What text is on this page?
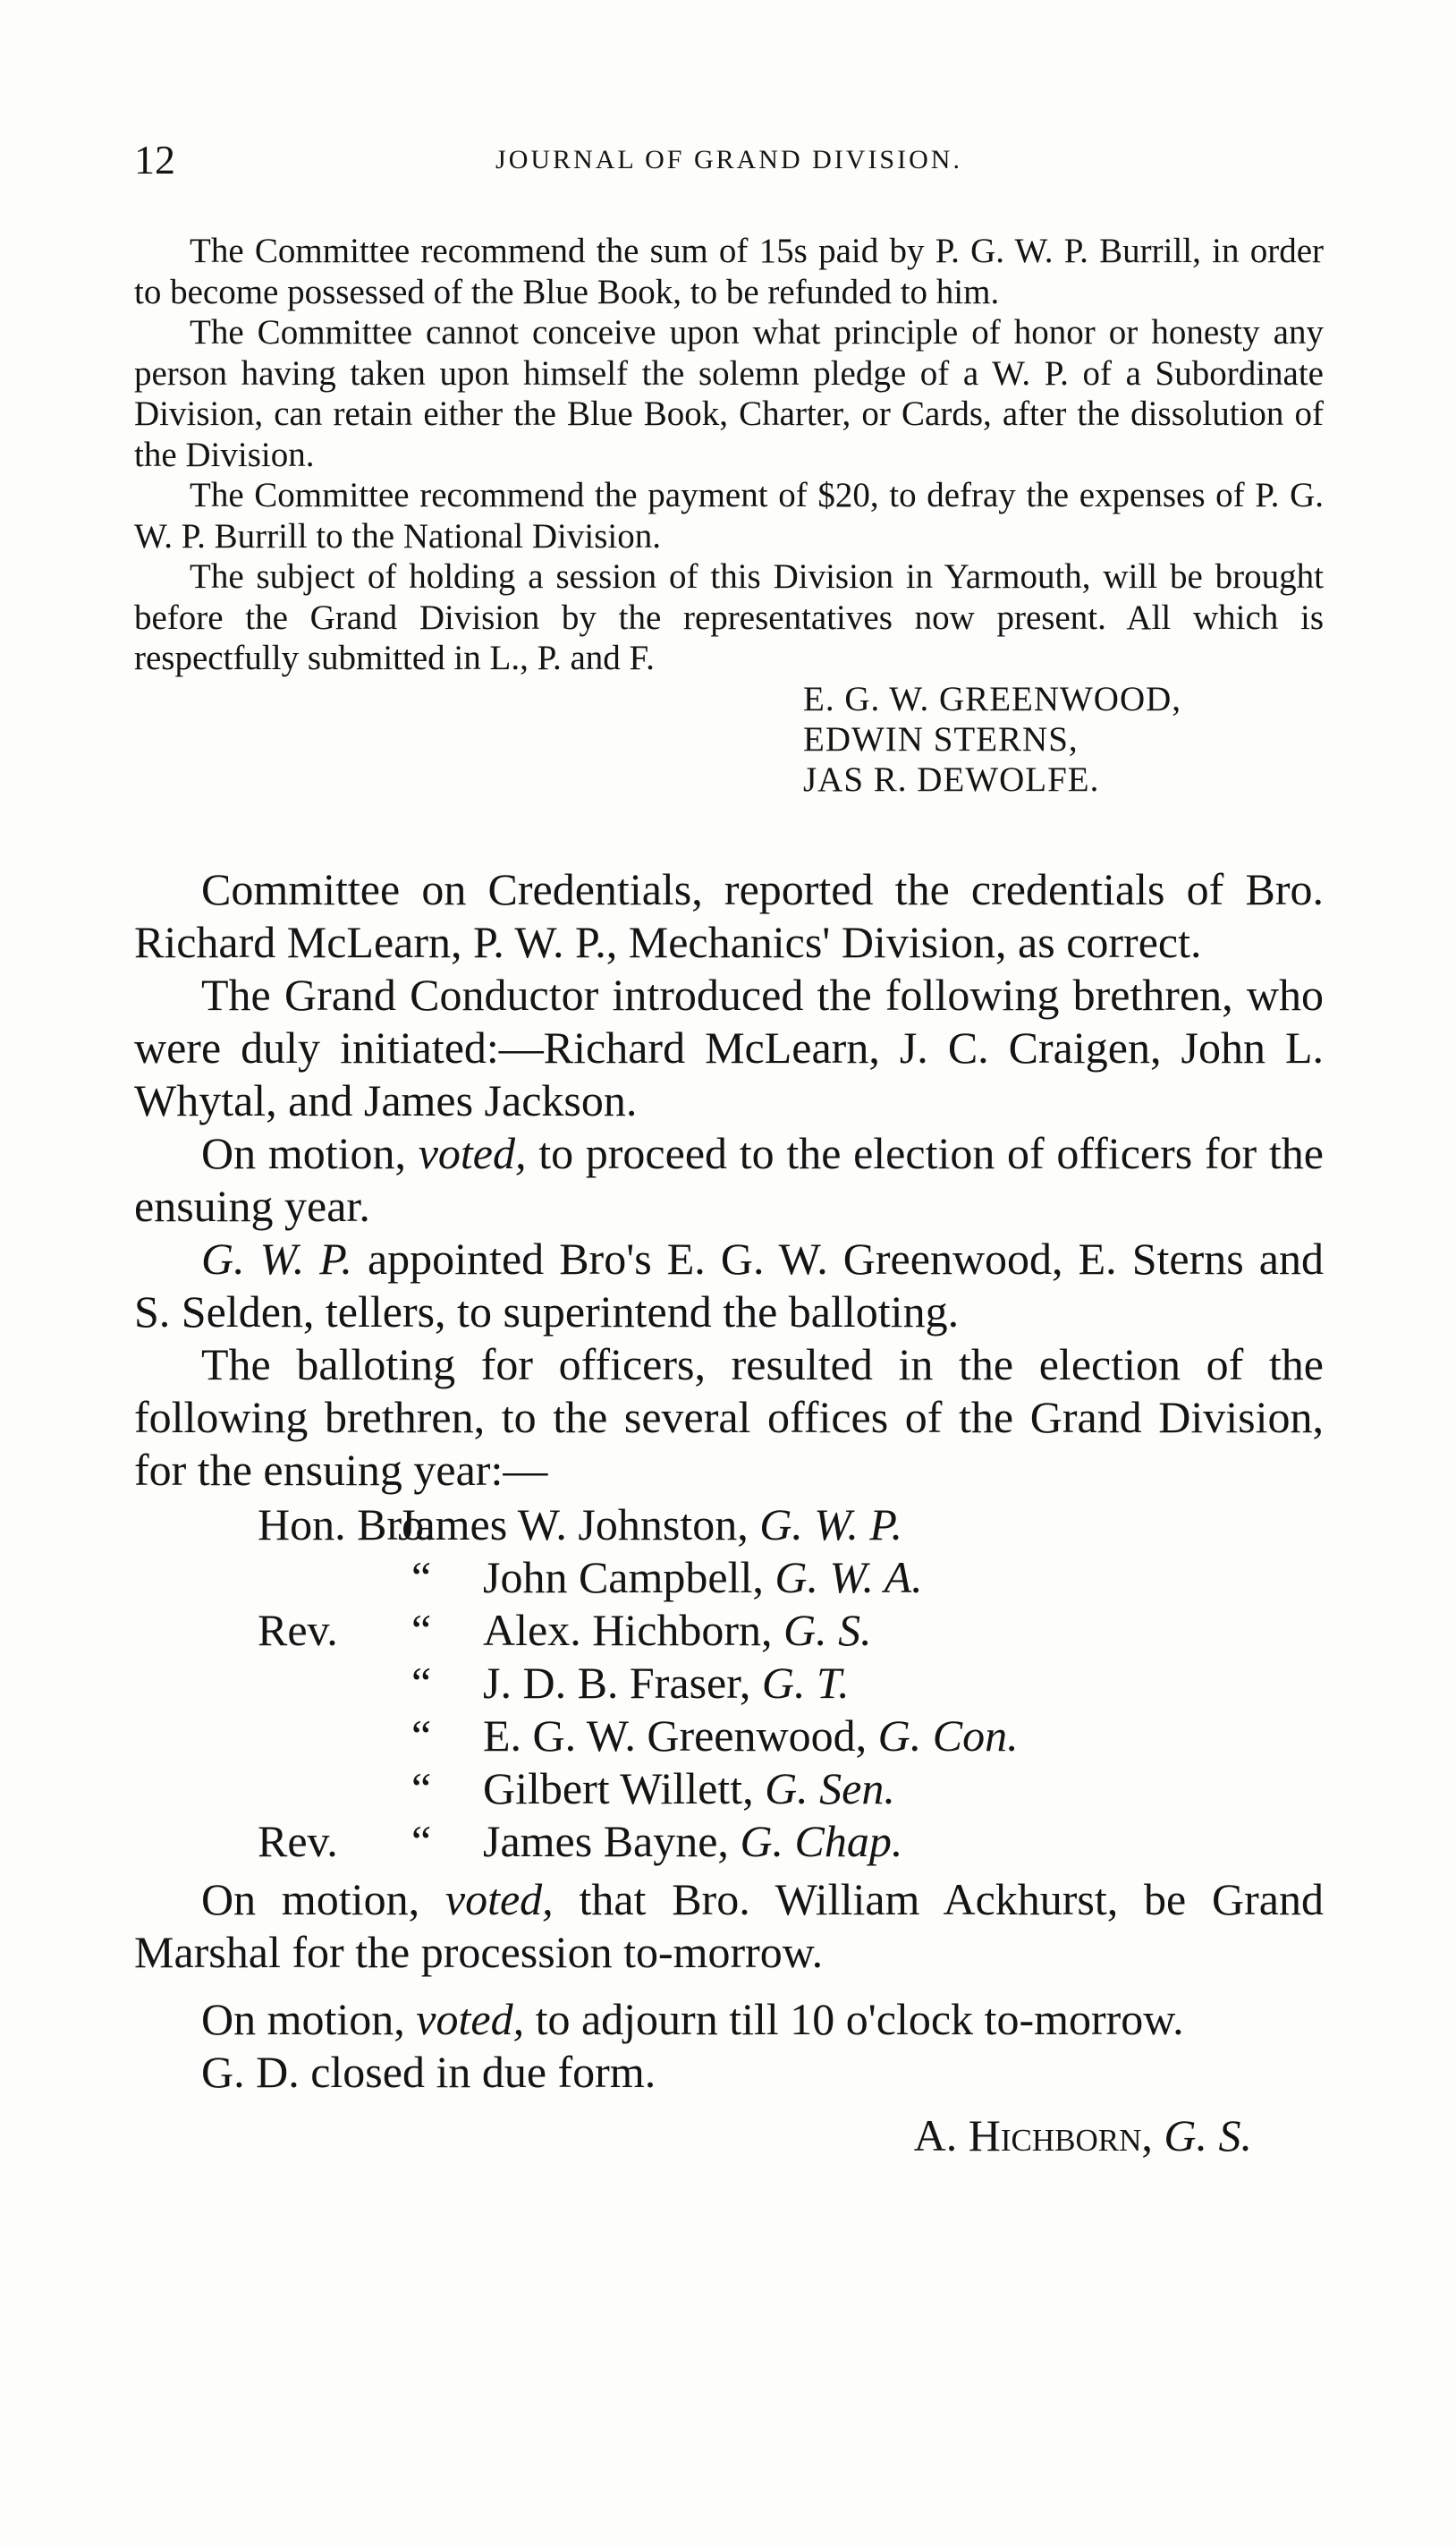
12	JOURNAL OF GRAND DIVISION.

The Committee recommend the sum of 15s paid by P. G. W. P. Burrill, in order to become possessed of the Blue Book, to be refunded to him.

The Committee cannot conceive upon what principle of honor or honesty any person having taken upon himself the solemn pledge of a W. P. of a Subordinate Division, can retain either the Blue Book, Charter, or Cards, after the dissolution of the Division.

The Committee recommend the payment of $20, to defray the expenses of P. G. W. P. Burrill to the National Division.

The subject of holding a session of this Division in Yarmouth, will be brought before the Grand Division by the representatives now present. All which is respectfully submitted in L., P. and F.

E. G. W. GREENWOOD,
EDWIN STERNS,
JAS R. DEWOLFE.

Committee on Credentials, reported the credentials of Bro. Richard McLearn, P. W. P., Mechanics' Division, as correct.

The Grand Conductor introduced the following brethren, who were duly initiated:—Richard McLearn, J. C. Craigen, John L. Whytal, and James Jackson.

On motion, voted, to proceed to the election of officers for the ensuing year.

G. W. P. appointed Bro's E. G. W. Greenwood, E. Sterns and S. Selden, tellers, to superintend the balloting.

The balloting for officers, resulted in the election of the following brethren, to the several offices of the Grand Division, for the ensuing year:—

Hon. Bro.
James W. Johnston, G. W. P.
“ John Campbell, G. W. A.
Rev. “ Alex. Hichborn, G. S.
“ J. D. B. Fraser, G. T.
“ E. G. W. Greenwood, G. Con.
“ Gilbert Willett, G. Sen.
Rev. “ James Bayne, G. Chap.

On motion, voted, that Bro. William Ackhurst, be Grand Marshal for the procession to-morrow.

On motion, voted, to adjourn till 10 o'clock to-morrow.

G. D. closed in due form.

A. Hichborn, G. S.
